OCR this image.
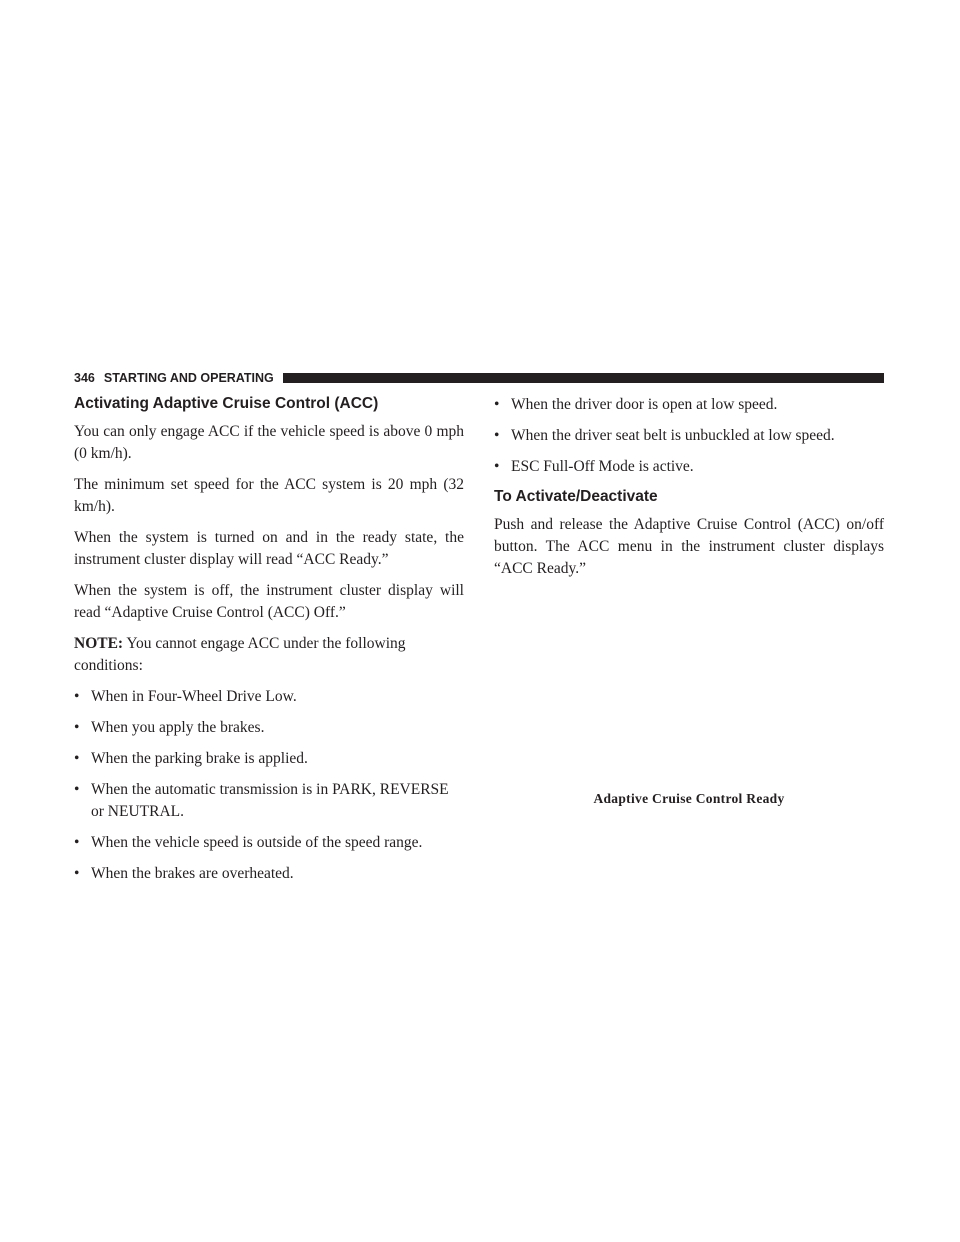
346 STARTING AND OPERATING
Activating Adaptive Cruise Control (ACC)

You can only engage ACC if the vehicle speed is above 0 mph (0 km/h).

The minimum set speed for the ACC system is 20 mph (32 km/h).

When the system is turned on and in the ready state, the instrument cluster display will read “ACC Ready.”

When the system is off, the instrument cluster display will read “Adaptive Cruise Control (ACC) Off.”

NOTE: You cannot engage ACC under the following conditions:

• When in Four-Wheel Drive Low.
• When you apply the brakes.
• When the parking brake is applied.
• When the automatic transmission is in PARK, REVERSE or NEUTRAL.
• When the vehicle speed is outside of the speed range.
• When the brakes are overheated.
• When the driver door is open at low speed.
• When the driver seat belt is unbuckled at low speed.
• ESC Full-Off Mode is active.
To Activate/Deactivate

Push and release the Adaptive Cruise Control (ACC) on/off button. The ACC menu in the instrument cluster displays “ACC Ready.”

Adaptive Cruise Control Ready
